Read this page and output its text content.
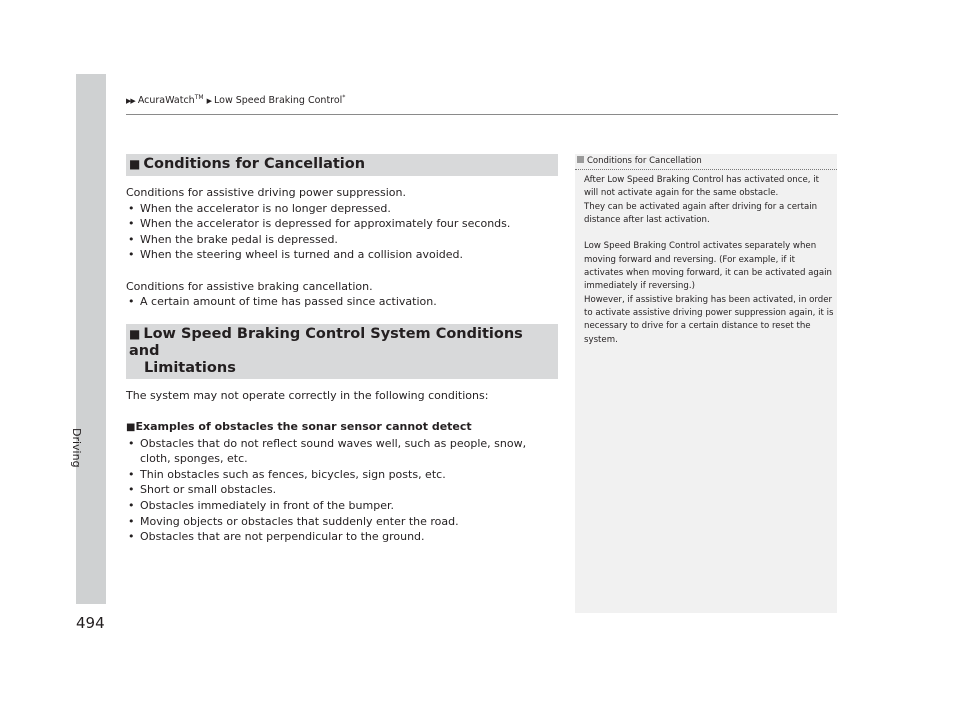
Driving
494
▶▶ AcuraWatch™ ▶ Low Speed Braking Control*
■ Conditions for Cancellation

Conditions for assistive driving power suppression.

• When the accelerator is no longer depressed.
• When the accelerator is depressed for approximately four seconds.
• When the brake pedal is depressed.
• When the steering wheel is turned and a collision avoided.

Conditions for assistive braking cancellation.

• A certain amount of time has passed since activation.
■ Low Speed Braking Control System Conditions and
Limitations

The system may not operate correctly in the following conditions:

■Examples of obstacles the sonar sensor cannot detect

• Obstacles that do not reflect sound waves well, such as people, snow, cloth, sponges, etc.
• Thin obstacles such as fences, bicycles, sign posts, etc.
• Short or small obstacles.
• Obstacles immediately in front of the bumper.
• Moving objects or obstacles that suddenly enter the road.
• Obstacles that are not perpendicular to the ground.
Conditions for Cancellation

After Low Speed Braking Control has activated once, it will not activate again for the same obstacle.

They can be activated again after driving for a certain distance after last activation.

Low Speed Braking Control activates separately when moving forward and reversing. (For example, if it activates when moving forward, it can be activated again immediately if reversing.)

However, if assistive braking has been activated, in order to activate assistive driving power suppression again, it is necessary to drive for a certain distance to reset the system.
